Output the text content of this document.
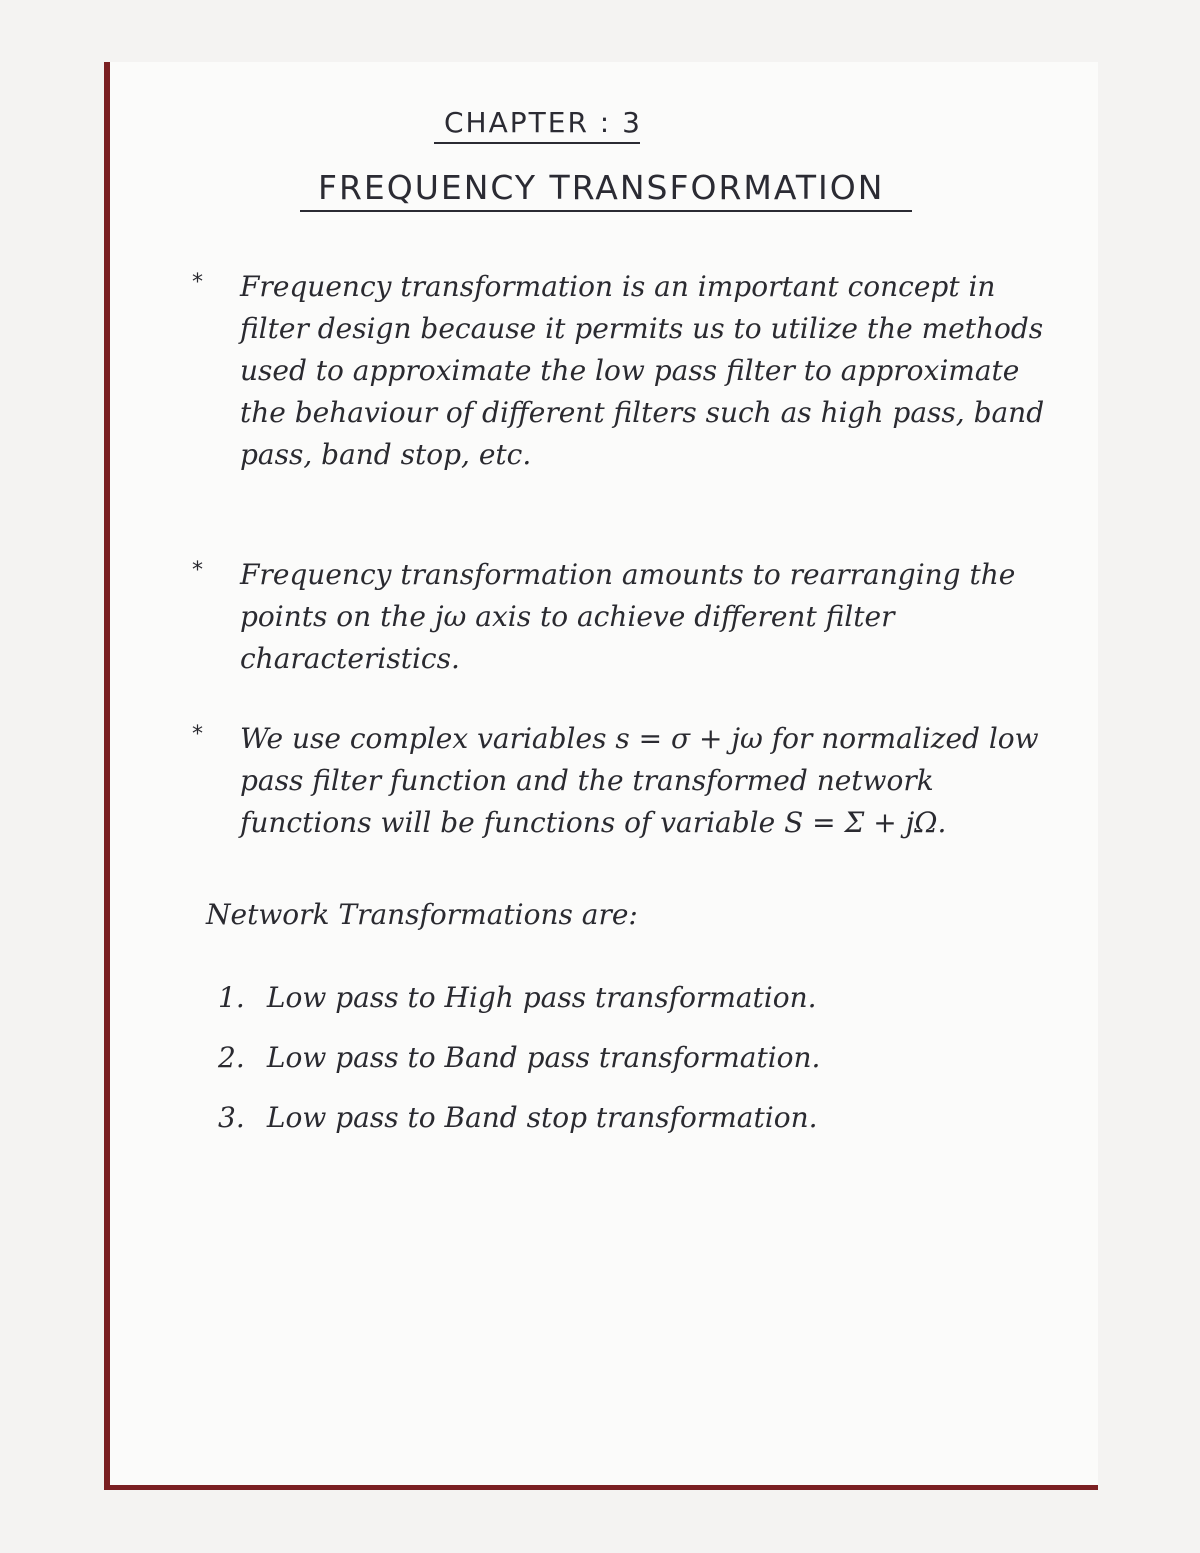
CHAPTER : 3
FREQUENCY TRANSFORMATION
* Frequency transformation is an important concept in filter design because it permits us to utilize the methods used to approximate the low pass filter to approximate the behaviour of different filters such as high pass, band pass, band stop, etc.
* Frequency transformation amounts to rearranging the points on the jω axis to achieve different filter characteristics.
* We use complex variables s = σ + jω for normalized low pass filter function and the transformed network functions will be functions of variable S = Σ + jΩ.
Network Transformations are:
1. Low pass to High pass transformation.
2. Low pass to Band pass transformation.
3. Low pass to Band stop transformation.
